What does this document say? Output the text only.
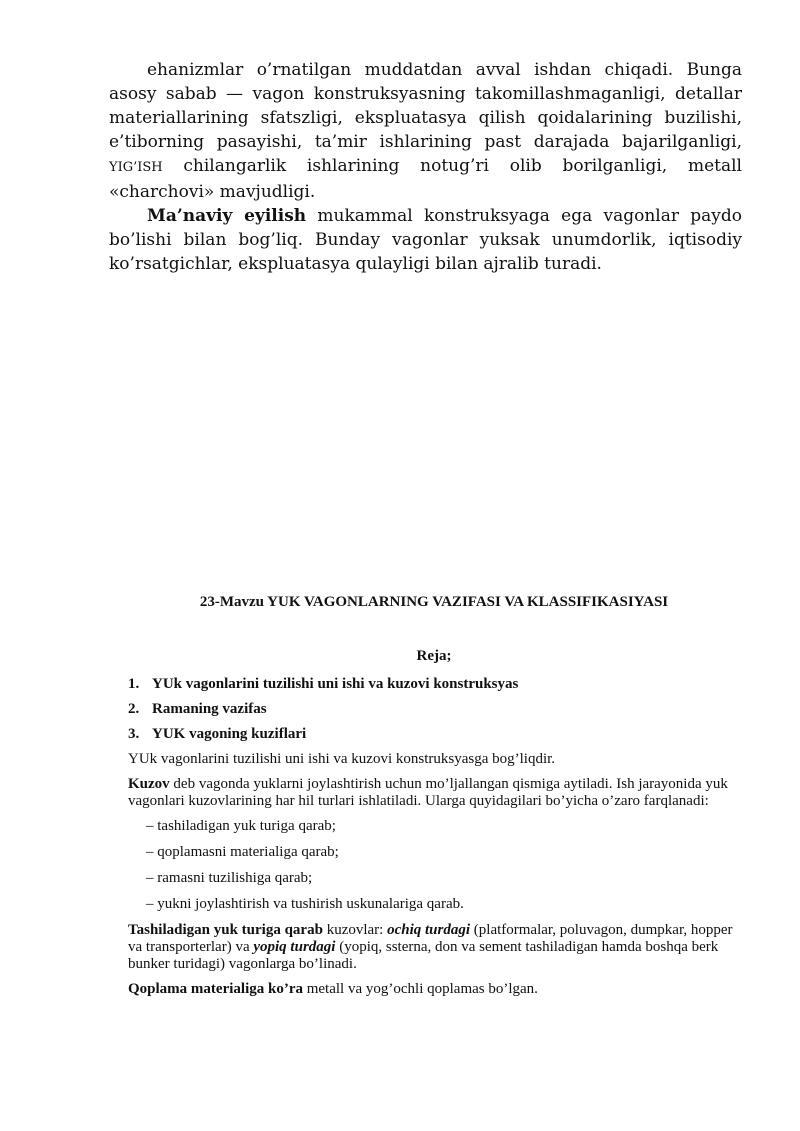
ehanizmlar o’rnatilgan muddatdan avval ishdan chiqadi. Bunga asosy sabab — vagon konstruksyasning takomillashmaganligi, detallar materiallarining sfatszligi, ekspluatasya qilish qoidalarining buzilishi, e’tiborning pasayishi, ta’mir ishlarining past darajada bajarilganligi, YIG’ISH chilangarlik ishlarining notug’ri olib borilganligi, metall «charchovi» mavjudligi.

Ma’naviy eyilish mukammal konstruksyaga ega vagonlar paydo bo’lishi bilan bog’liq. Bunday vagonlar yuksak unumdorlik, iqtisodiy ko’rsatgichlar, ekspluatasya qulayligi bilan ajralib turadi.

23-Mavzu YUK VAGONLARNING VAZIFASI VA KLASSIFIKASIYASI
Reja;
1. YUk vagonlarini tuzilishi uni ishi va kuzovi konstruksyas
2. Ramaning vazifas
3. YUK vagoning kuziflari

YUk vagonlarini tuzilishi uni ishi va kuzovi konstruksyasga bog’liqdir.

Kuzov deb vagonda yuklarni joylashtirish uchun mo’ljallangan qismiga aytiladi. Ish jarayonida yuk vagonlari kuzovlarining har hil turlari ishlatiladi. Ularga quyidagilari bo’yicha o’zaro farqlanadi:

– tashiladigan yuk turiga qarab;

– qoplamasni materialiga qarab;

– ramasni tuzilishiga qarab;

– yukni joylashtirish va tushirish uskunalariga qarab.

Tashiladigan yuk turiga qarab kuzovlar: ochiq turdagi (platformalar, poluvagon, dumpkar, hopper va transporterlar) va yopiq turdagi (yopiq, ssterna, don va sement tashiladigan hamda boshqa berk bunker turidagi) vagonlarga bo’linadi.

Qoplama materialiga ko’ra metall va yog’ochli qoplamas bo’lgan.
